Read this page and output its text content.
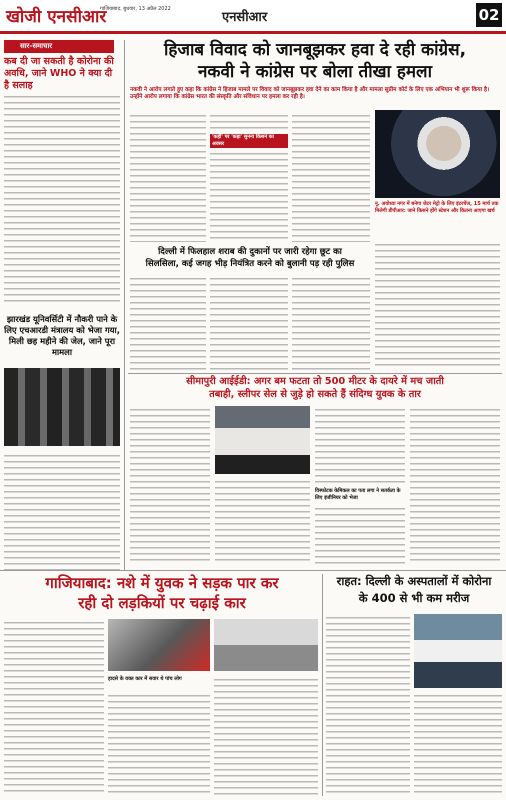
खोजी एनसीआर
गाजियाबाद, बुधवार, 13 अप्रैल 2022
एनसीआर	02
सार-समाचार
कब दी जा सकती है कोरोना की अवधि, जाने WHO ने क्या दी है सलाह
झारखंड यूनिवर्सिटी में नौकरी पाने के लिए एचआरडी मंत्रालय को भेजा गया, मिली छह महीने की जेल, जाने पूरा मामला
हिजाब विवाद को जानबूझकर हवा दे रही कांग्रेस,
नकवी ने कांग्रेस पर बोला तीखा हमला
नकवी ने आरोप लगाते हुए कहा कि कांग्रेस ने हिजाब मामले पर विवाद को जानबूझकर हवा देने का काम किया है और मामला सुप्रीम कोर्ट के लिए एक अभियान भी शुरू किया है। उन्होंने आरोप लगाया कि कांग्रेस भारत की संस्कृति और संविधान पर हमला कर रही है।
'कही' पर 'कहा' सुनना किसने का अवसर
नू. अयोध्या नगर में बनेगा जेटर मेट्रो के लिए इंटरचेंज, 15 मार्च तक मिलेगी डीपीआर: जाने किसने होंगे स्टेशन और कितना आएगा खर्च
दिल्ली में फिलहाल शराब की दुकानों पर जारी रहेगा छूट का
सिलसिला, कई जगह भीड़ नियंत्रित करने को बुलानी पड़ रही पुलिस
सीमापुरी आईईडी: अगर बम फटता तो 500 मीटर के दायरे में मच जाती
तबाही, स्लीपर सेल से जुड़े हो सकते हैं संदिग्ध युवक के तार
विस्फोटक केमिकल का पता लगा ने सतर्कता के लिए इंजीनियर को भेजा
गाजियाबाद: नशे में युवक ने सड़क पार कर
रही दो लड़कियों पर चढ़ाई कार
हादसे के वक्त कार में सवार थे पांच लोग
राहत: दिल्ली के अस्पतालों में कोरोना
के 400 से भी कम मरीज
